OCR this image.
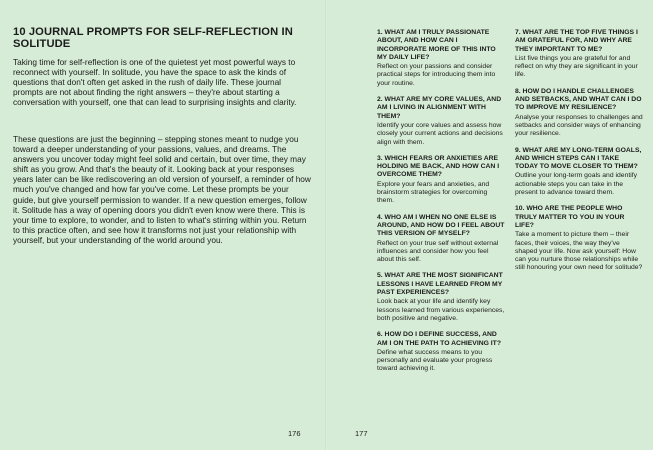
10 JOURNAL PROMPTS FOR SELF-REFLECTION IN SOLITUDE

Taking time for self-reflection is one of the quietest yet most powerful ways to reconnect with yourself. In solitude, you have the space to ask the kinds of questions that don't often get asked in the rush of daily life. These journal prompts are not about finding the right answers – they're about starting a conversation with yourself, one that can lead to surprising insights and clarity.

These questions are just the beginning – stepping stones meant to nudge you toward a deeper understanding of your passions, values, and dreams. The answers you uncover today might feel solid and certain, but over time, they may shift as you grow. And that's the beauty of it. Looking back at your responses years later can be like rediscovering an old version of yourself, a reminder of how much you've changed and how far you've come. Let these prompts be your guide, but give yourself permission to wander. If a new question emerges, follow it. Solitude has a way of opening doors you didn't even know were there. This is your time to explore, to wonder, and to listen to what's stirring within you. Return to this practice often, and see how it transforms not just your relationship with yourself, but your understanding of the world around you.

176

1. WHAT AM I TRULY PASSIONATE ABOUT, AND HOW CAN I INCORPORATE MORE OF THIS INTO MY DAILY LIFE?

Reflect on your passions and consider practical steps for introducing them into your routine.

2. WHAT ARE MY CORE VALUES, AND AM I LIVING IN ALIGNMENT WITH THEM?

Identify your core values and assess how closely your current actions and decisions align with them.

3. WHICH FEARS OR ANXIETIES ARE HOLDING ME BACK, AND HOW CAN I OVERCOME THEM?

Explore your fears and anxieties, and brainstorm strategies for overcoming them.

4. WHO AM I WHEN NO ONE ELSE IS AROUND, AND HOW DO I FEEL ABOUT THIS VERSION OF MYSELF?

Reflect on your true self without external influences and consider how you feel about this self.

5. WHAT ARE THE MOST SIGNIFICANT LESSONS I HAVE LEARNED FROM MY PAST EXPERIENCES?

Look back at your life and identify key lessons learned from various experiences, both positive and negative.

6. HOW DO I DEFINE SUCCESS, AND AM I ON THE PATH TO ACHIEVING IT?

Define what success means to you personally and evaluate your progress toward achieving it.

7. WHAT ARE THE TOP FIVE THINGS I AM GRATEFUL FOR, AND WHY ARE THEY IMPORTANT TO ME?

List five things you are grateful for and reflect on why they are significant in your life.

8. HOW DO I HANDLE CHALLENGES AND SETBACKS, AND WHAT CAN I DO TO IMPROVE MY RESILIENCE?

Analyse your responses to challenges and setbacks and consider ways of enhancing your resilience.

9. WHAT ARE MY LONG-TERM GOALS, AND WHICH STEPS CAN I TAKE TODAY TO MOVE CLOSER TO THEM?

Outline your long-term goals and identify actionable steps you can take in the present to advance toward them.

10. WHO ARE THE PEOPLE WHO TRULY MATTER TO YOU IN YOUR LIFE?

Take a moment to picture them – their faces, their voices, the way they've shaped your life. Now ask yourself: How can you nurture those relationships while still honouring your own need for solitude?

177
